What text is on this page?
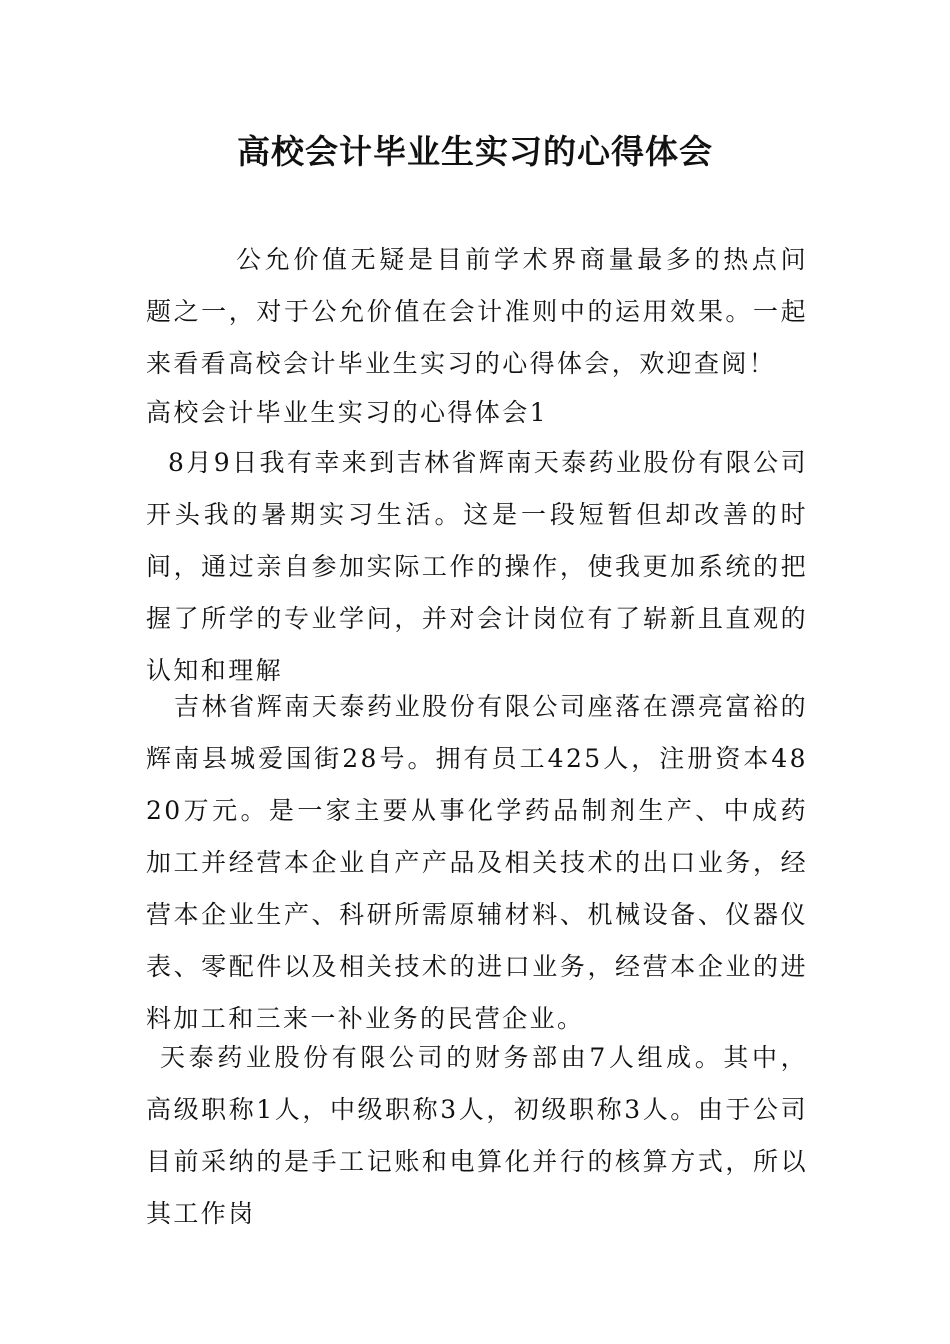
高校会计毕业生实习的心得体会

公允价值无疑是目前学术界商量最多的热点问题之一，对于公允价值在会计准则中的运用效果。一起来看看高校会计毕业生实习的心得体会，欢迎查阅！

高校会计毕业生实习的心得体会1

8月9日我有幸来到吉林省辉南天泰药业股份有限公司开头我的暑期实习生活。这是一段短暂但却改善的时间，通过亲自参加实际工作的操作，使我更加系统的把握了所学的专业学问，并对会计岗位有了崭新且直观的认知和理解

吉林省辉南天泰药业股份有限公司座落在漂亮富裕的辉南县城爱国街28号。拥有员工425人，注册资本4820万元。是一家主要从事化学药品制剂生产、中成药加工并经营本企业自产产品及相关技术的出口业务，经营本企业生产、科研所需原辅材料、机械设备、仪器仪表、零配件以及相关技术的进口业务，经营本企业的进料加工和三来一补业务的民营企业。

天泰药业股份有限公司的财务部由7人组成。其中，高级职称1人，中级职称3人，初级职称3人。由于公司目前采纳的是手工记账和电算化并行的核算方式，所以其工作岗
